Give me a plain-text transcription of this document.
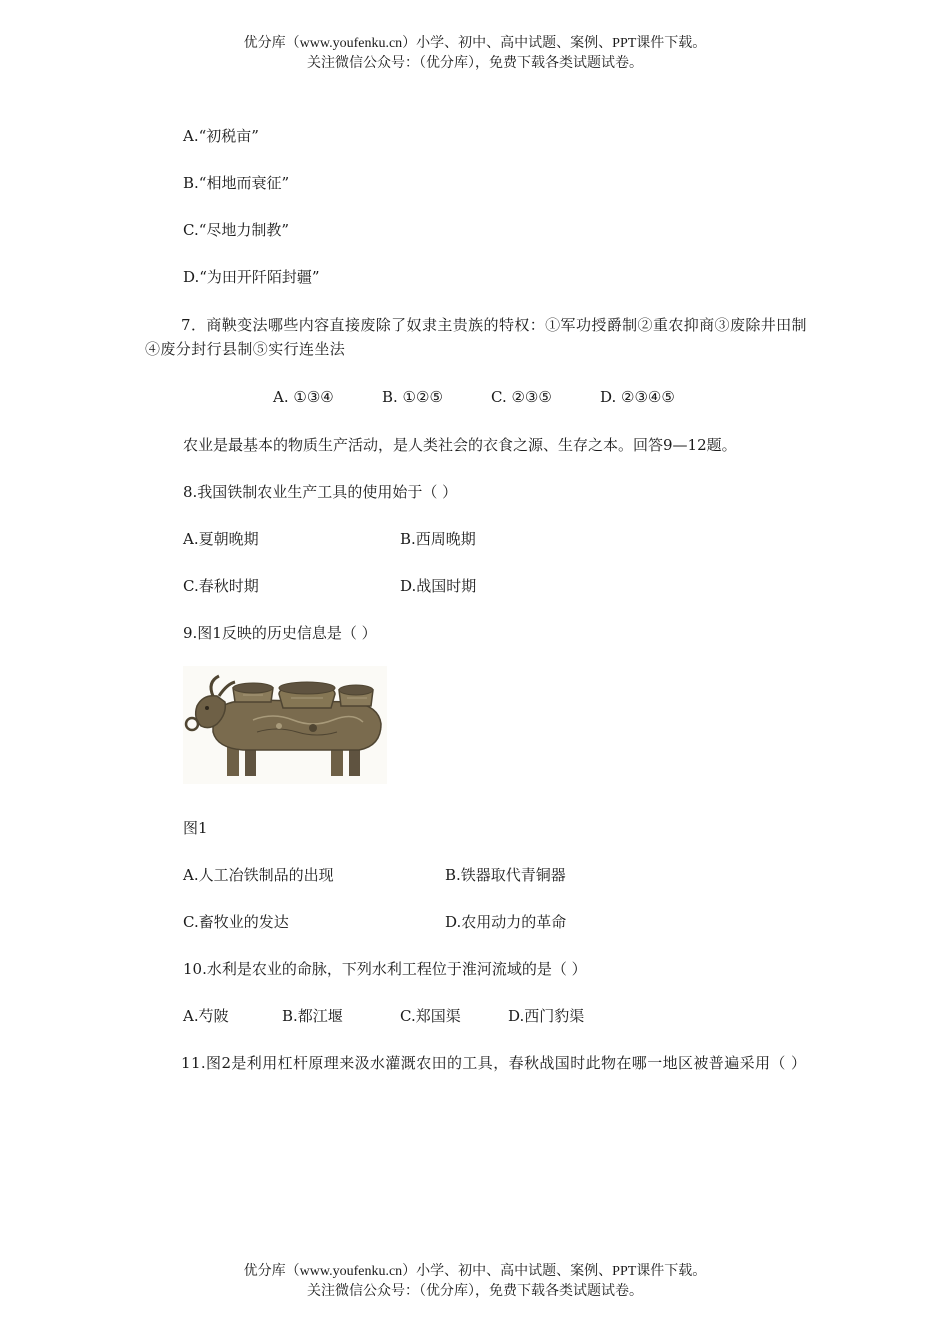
优分库（www.youfenku.cn）小学、初中、高中试题、案例、PPT课件下载。
关注微信公众号：（优分库），免费下载各类试题试卷。
A.“初税亩”
B.“相地而衰征”
C.“尽地力制教”
D.“为田开阡陌封疆”
7．商鞅变法哪些内容直接废除了奴隶主贵族的特权：①军功授爵制②重农抑商③废除井田制④废分封行县制⑤实行连坐法
A. ①③④	B. ①②⑤	C. ②③⑤	D. ②③④⑤
农业是最基本的物质生产活动，是人类社会的衣食之源、生存之本。回答9—12题。
8.我国铁制农业生产工具的使用始于（ ）
A.夏朝晚期	B.西周晚期
C.春秋时期	D.战国时期
9.图1反映的历史信息是（ ）
图1
A.人工冶铁制品的出现	B.铁器取代青铜器
C.畜牧业的发达	D.农用动力的革命
10.水利是农业的命脉，下列水利工程位于淮河流域的是（ ）
A.芍陂	B.都江堰	C.郑国渠	D.西门豹渠
11.图2是利用杠杆原理来汲水灌溉农田的工具，春秋战国时此物在哪一地区被普遍采用（ ）
优分库（www.youfenku.cn）小学、初中、高中试题、案例、PPT课件下载。
关注微信公众号：（优分库），免费下载各类试题试卷。
